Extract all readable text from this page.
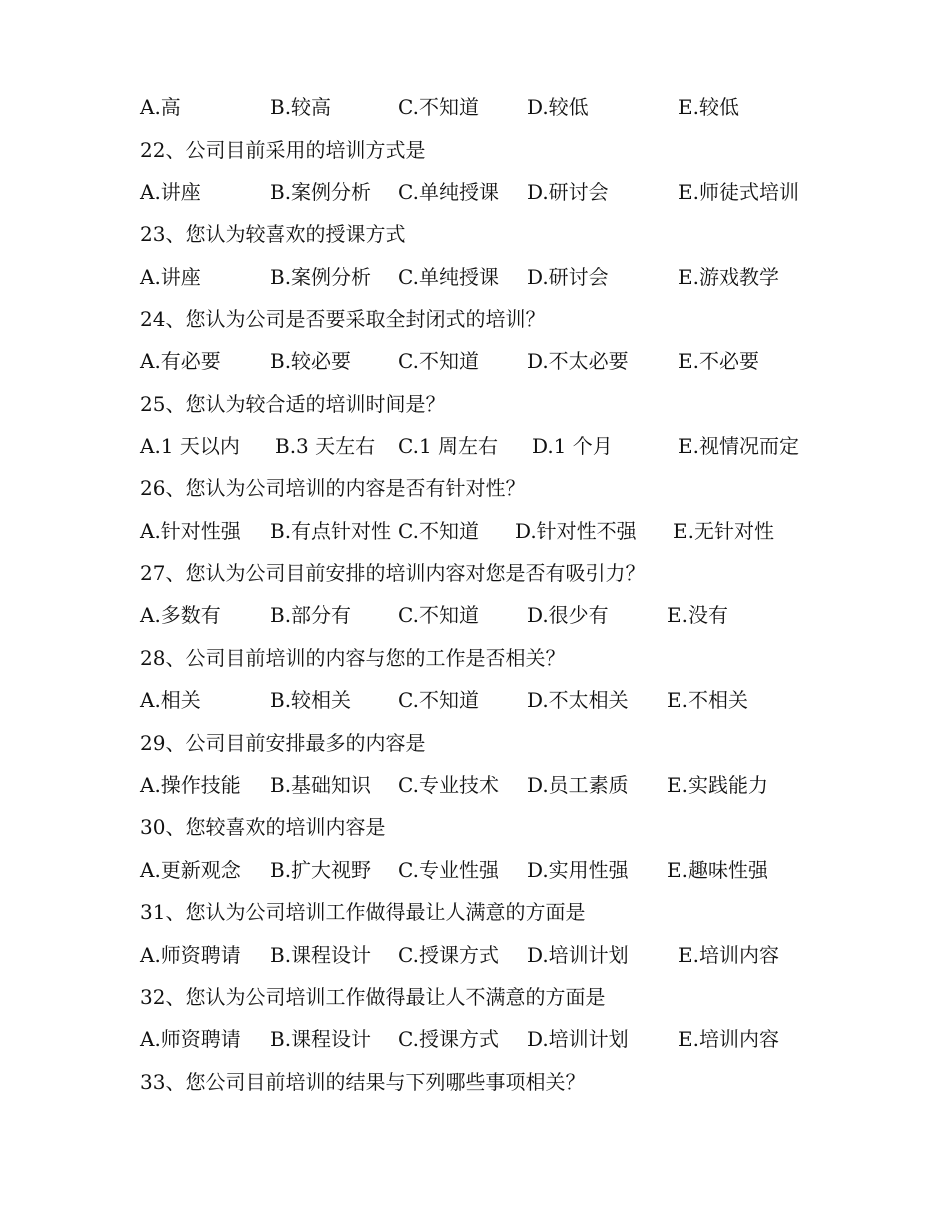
A.高	B.较高	C.不知道 D.较低	E.较低
22、公司目前采用的培训方式是
A.讲座	B.案例分析 C.单纯授课 D.研讨会	E.师徒式培训
23、您认为较喜欢的授课方式
A.讲座	B.案例分析 C.单纯授课 D.研讨会	E.游戏教学
24、您认为公司是否要采取全封闭式的培训？
A.有必要 B.较必要 C.不知道 D.不太必要 E.不必要
25、您认为较合适的培训时间是？
A.1 天以内 B.3 天左右 C.1 周左右 D.1 个月	E.视情况而定
26、您认为公司培训的内容是否有针对性？
A.针对性强 B.有点针对性 C.不知道 D.针对性不强 E.无针对性
27、您认为公司目前安排的培训内容对您是否有吸引力？
A.多数有 B.部分有 C.不知道 D.很少有	E.没有
28、公司目前培训的内容与您的工作是否相关？
A.相关	B.较相关 C.不知道 D.不太相关 E.不相关
29、公司目前安排最多的内容是
A.操作技能 B.基础知识 C.专业技术 D.员工素质 E.实践能力
30、您较喜欢的培训内容是
A.更新观念 B.扩大视野 C.专业性强 D.实用性强 E.趣味性强
31、您认为公司培训工作做得最让人满意的方面是
A.师资聘请 B.课程设计 C.授课方式 D.培训计划 E.培训内容
32、您认为公司培训工作做得最让人不满意的方面是
A.师资聘请 B.课程设计 C.授课方式 D.培训计划 E.培训内容
33、您公司目前培训的结果与下列哪些事项相关？
